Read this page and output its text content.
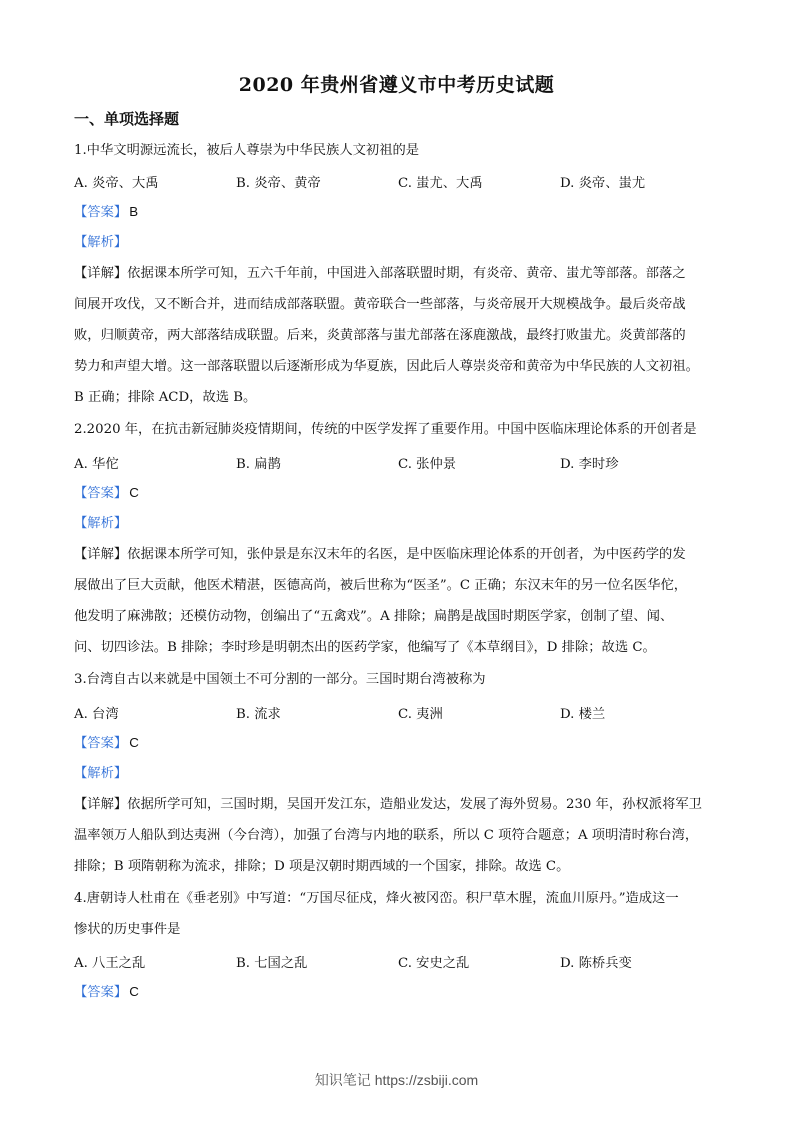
2020 年贵州省遵义市中考历史试题
一、单项选择题
1.中华文明源远流长，被后人尊崇为中华民族人文初祖的是
A. 炎帝、大禹	B. 炎帝、黄帝	C. 蚩尤、大禹	D. 炎帝、蚩尤
【答案】 B
【解析】
【详解】依据课本所学可知，五六千年前，中国进入部落联盟时期，有炎帝、黄帝、蚩尤等部落。部落之
间展开攻伐，又不断合并，进而结成部落联盟。黄帝联合一些部落，与炎帝展开大规模战争。最后炎帝战
败，归顺黄帝，两大部落结成联盟。后来，炎黄部落与蚩尤部落在涿鹿激战，最终打败蚩尤。炎黄部落的
势力和声望大增。这一部落联盟以后逐渐形成为华夏族，因此后人尊崇炎帝和黄帝为中华民族的人文初祖。
B 正确；排除 ACD，故选 B。
2.2020 年，在抗击新冠肺炎疫情期间，传统的中医学发挥了重要作用。中国中医临床理论体系的开创者是
A. 华佗	B. 扁鹊	C. 张仲景	D. 李时珍
【答案】 C
【解析】
【详解】依据课本所学可知，张仲景是东汉末年的名医，是中医临床理论体系的开创者，为中医药学的发
展做出了巨大贡献，他医术精湛，医德高尚，被后世称为“医圣”。C 正确；东汉末年的另一位名医华佗，
他发明了麻沸散；还模仿动物，创编出了“五禽戏”。A 排除；扁鹊是战国时期医学家，创制了望、闻、
问、切四诊法。B 排除；李时珍是明朝杰出的医药学家，他编写了《本草纲目》，D 排除；故选 C。
3.台湾自古以来就是中国领土不可分割的一部分。三国时期台湾被称为
A. 台湾	B. 流求	C. 夷洲	D. 楼兰
【答案】 C
【解析】
【详解】依据所学可知，三国时期，吴国开发江东，造船业发达，发展了海外贸易。230 年，孙权派将军卫
温率领万人船队到达夷洲（今台湾），加强了台湾与内地的联系，所以 C 项符合题意；A 项明清时称台湾，
排除；B 项隋朝称为流求，排除；D 项是汉朝时期西域的一个国家，排除。故选 C。
4.唐朝诗人杜甫在《垂老别》中写道：“万国尽征戍，烽火被冈峦。积尸草木腥，流血川原丹。”造成这一
惨状的历史事件是
A. 八王之乱	B. 七国之乱	C. 安史之乱	D. 陈桥兵变
【答案】 C
知识笔记 https://zsbiji.com
